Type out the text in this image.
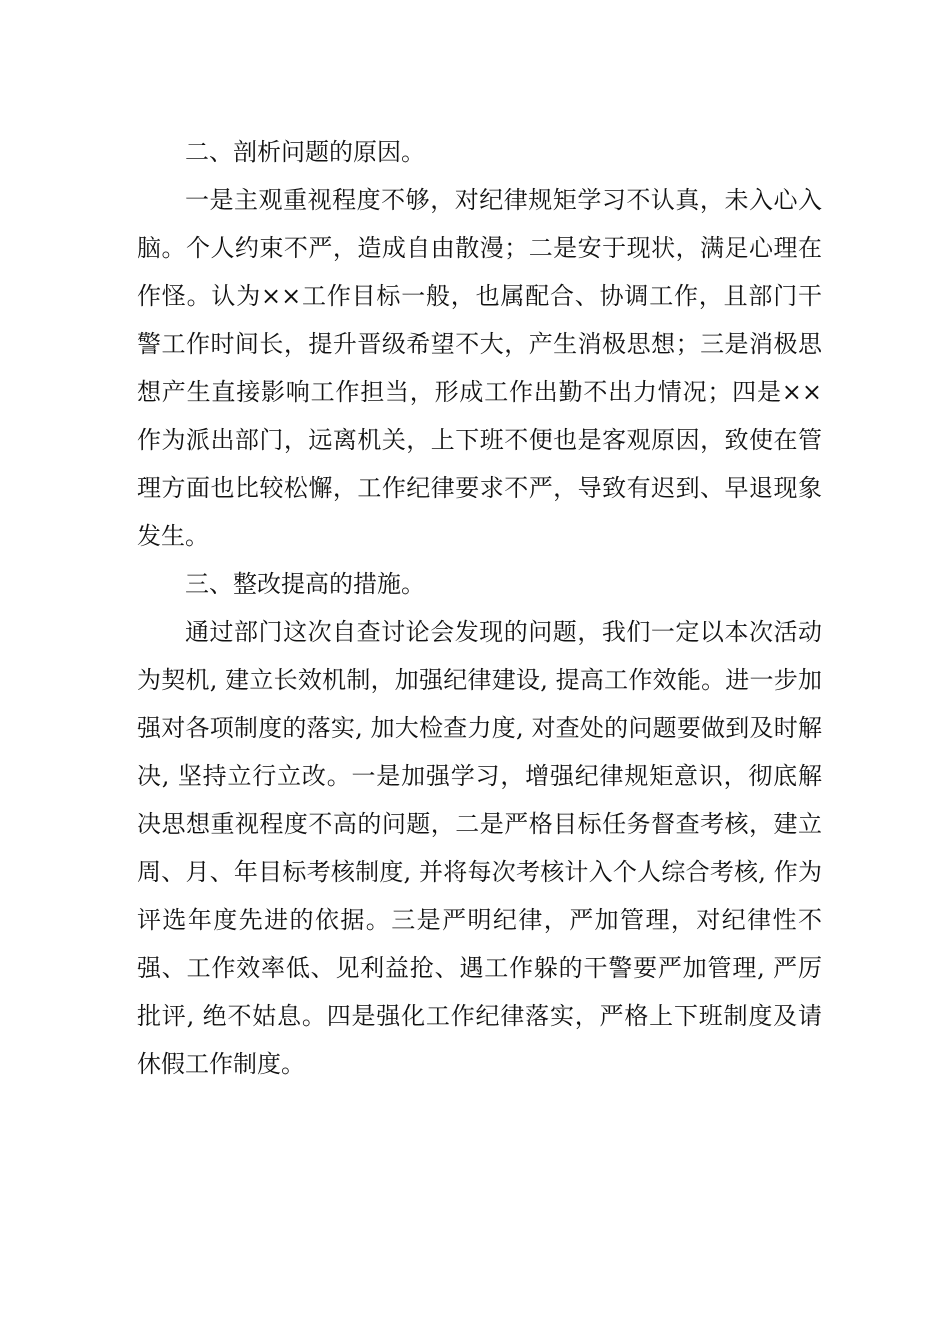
二、剖析问题的原因。

一是主观重视程度不够，对纪律规矩学习不认真，未入心入脑。个人约束不严，造成自由散漫；二是安于现状，满足心理在作怪。认为××工作目标一般，也属配合、协调工作，且部门干警工作时间长，提升晋级希望不大，产生消极思想；三是消极思想产生直接影响工作担当，形成工作出勤不出力情况；四是××作为派出部门，远离机关，上下班不便也是客观原因，致使在管理方面也比较松懈，工作纪律要求不严，导致有迟到、早退现象发生。

三、整改提高的措施。

通过部门这次自查讨论会发现的问题，我们一定以本次活动为契机, 建立长效机制，加强纪律建设, 提高工作效能。进一步加强对各项制度的落实, 加大检查力度, 对查处的问题要做到及时解决, 坚持立行立改。一是加强学习，增强纪律规矩意识，彻底解决思想重视程度不高的问题，二是严格目标任务督查考核，建立周、月、年目标考核制度, 并将每次考核计入个人综合考核, 作为评选年度先进的依据。三是严明纪律，严加管理，对纪律性不强、工作效率低、见利益抢、遇工作躲的干警要严加管理, 严厉批评, 绝不姑息。四是强化工作纪律落实，严格上下班制度及请休假工作制度。
